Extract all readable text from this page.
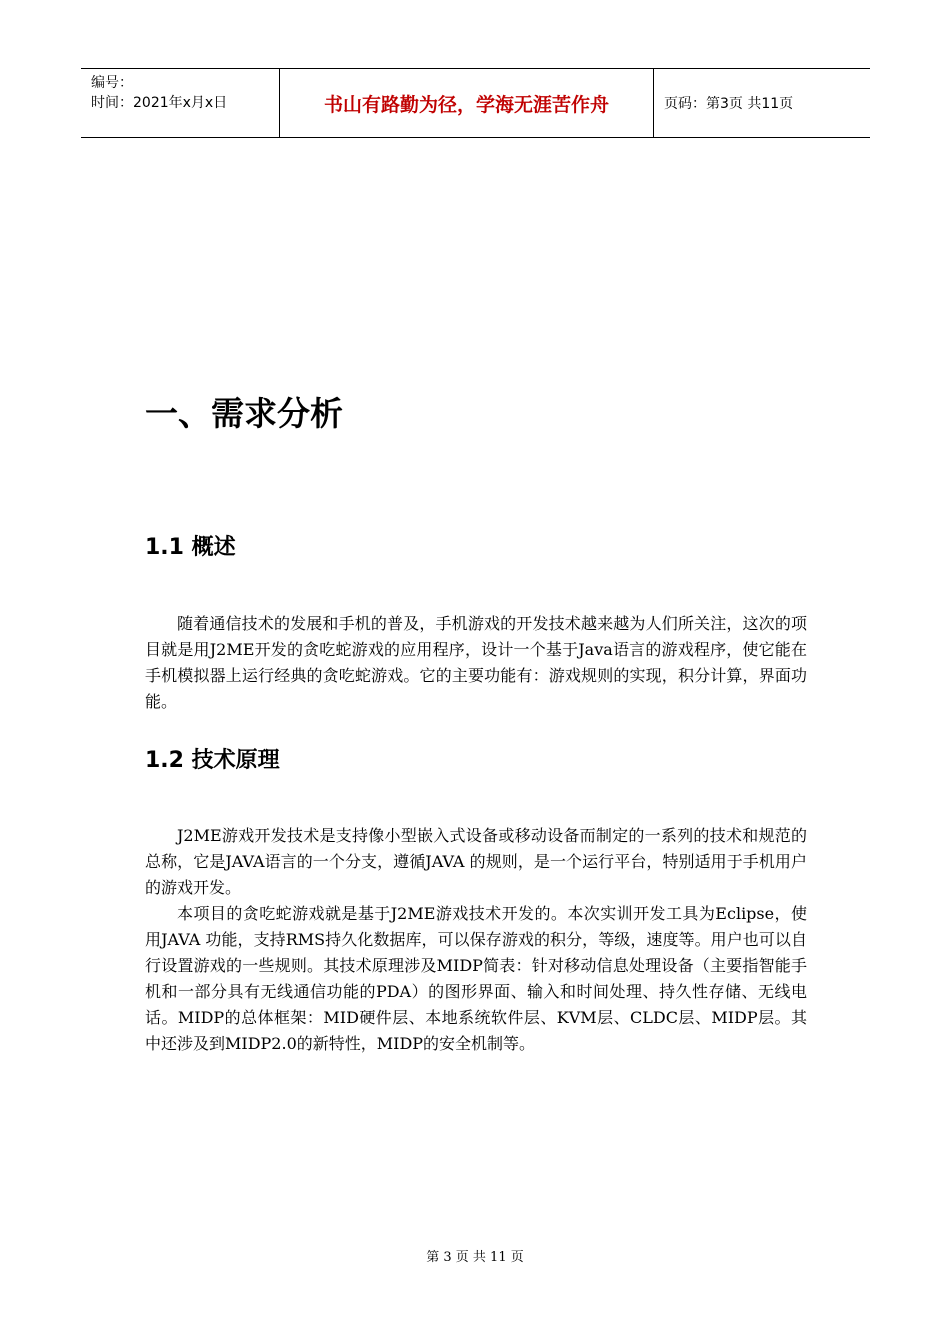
编号：
时间：2021年x月x日	书山有路勤为径，学海无涯苦作舟	页码：第3页 共11页
一、需求分析
1.1 概述

随着通信技术的发展和手机的普及，手机游戏的开发技术越来越为人们所关注，这次的项目就是用J2ME开发的贪吃蛇游戏的应用程序，设计一个基于Java语言的游戏程序，使它能在手机模拟器上运行经典的贪吃蛇游戏。它的主要功能有：游戏规则的实现，积分计算，界面功能。

1.2 技术原理

J2ME游戏开发技术是支持像小型嵌入式设备或移动设备而制定的一系列的技术和规范的总称，它是JAVA语言的一个分支，遵循JAVA 的规则，是一个运行平台，特别适用于手机用户的游戏开发。

本项目的贪吃蛇游戏就是基于J2ME游戏技术开发的。本次实训开发工具为Eclipse，使用JAVA 功能，支持RMS持久化数据库，可以保存游戏的积分，等级，速度等。用户也可以自行设置游戏的一些规则。其技术原理涉及MIDP简表：针对移动信息处理设备（主要指智能手机和一部分具有无线通信功能的PDA）的图形界面、输入和时间处理、持久性存储、无线电话。MIDP的总体框架：MID硬件层、本地系统软件层、KVM层、CLDC层、MIDP层。其中还涉及到MIDP2.0的新特性，MIDP的安全机制等。

第 3 页 共 11 页
